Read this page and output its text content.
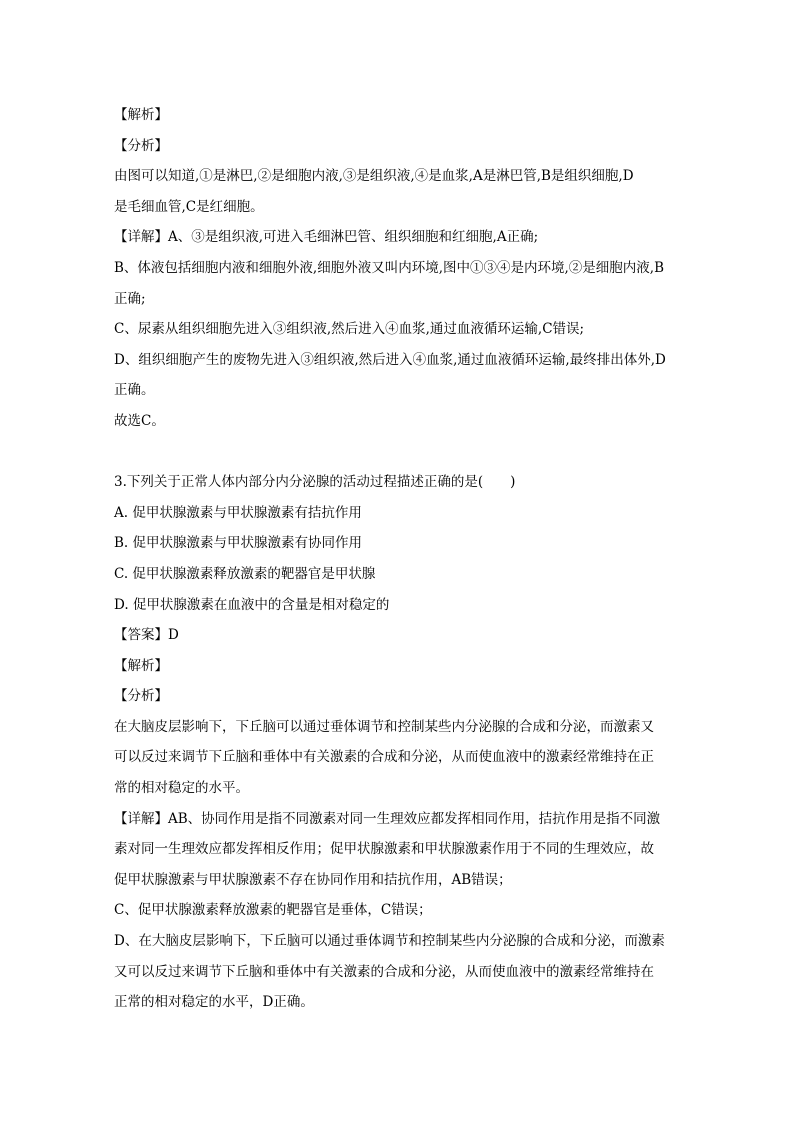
【解析】
【分析】
由图可以知道,①是淋巴,②是细胞内液,③是组织液,④是血浆,A是淋巴管,B是组织细胞,D
是毛细血管,C是红细胞。
【详解】A、③是组织液,可进入毛细淋巴管、组织细胞和红细胞,A正确;
B、体液包括细胞内液和细胞外液,细胞外液又叫内环境,图中①③④是内环境,②是细胞内液,B
正确;
C、尿素从组织细胞先进入③组织液,然后进入④血浆,通过血液循环运输,C错误;
D、组织细胞产生的废物先进入③组织液,然后进入④血浆,通过血液循环运输,最终排出体外,D
正确。
故选C。
3.下列关于正常人体内部分内分泌腺的活动过程描述正确的是(　　)
A. 促甲状腺激素与甲状腺激素有拮抗作用
B. 促甲状腺激素与甲状腺激素有协同作用
C. 促甲状腺激素释放激素的靶器官是甲状腺
D. 促甲状腺激素在血液中的含量是相对稳定的
【答案】D
【解析】
【分析】
在大脑皮层影响下，下丘脑可以通过垂体调节和控制某些内分泌腺的合成和分泌，而激素又
可以反过来调节下丘脑和垂体中有关激素的合成和分泌，从而使血液中的激素经常维持在正
常的相对稳定的水平。
【详解】AB、协同作用是指不同激素对同一生理效应都发挥相同作用，拮抗作用是指不同激
素对同一生理效应都发挥相反作用；促甲状腺激素和甲状腺激素作用于不同的生理效应，故
促甲状腺激素与甲状腺激素不存在协同作用和拮抗作用，AB错误；
C、促甲状腺激素释放激素的靶器官是垂体，C错误；
D、在大脑皮层影响下，下丘脑可以通过垂体调节和控制某些内分泌腺的合成和分泌，而激素
又可以反过来调节下丘脑和垂体中有关激素的合成和分泌，从而使血液中的激素经常维持在
正常的相对稳定的水平，D正确。
